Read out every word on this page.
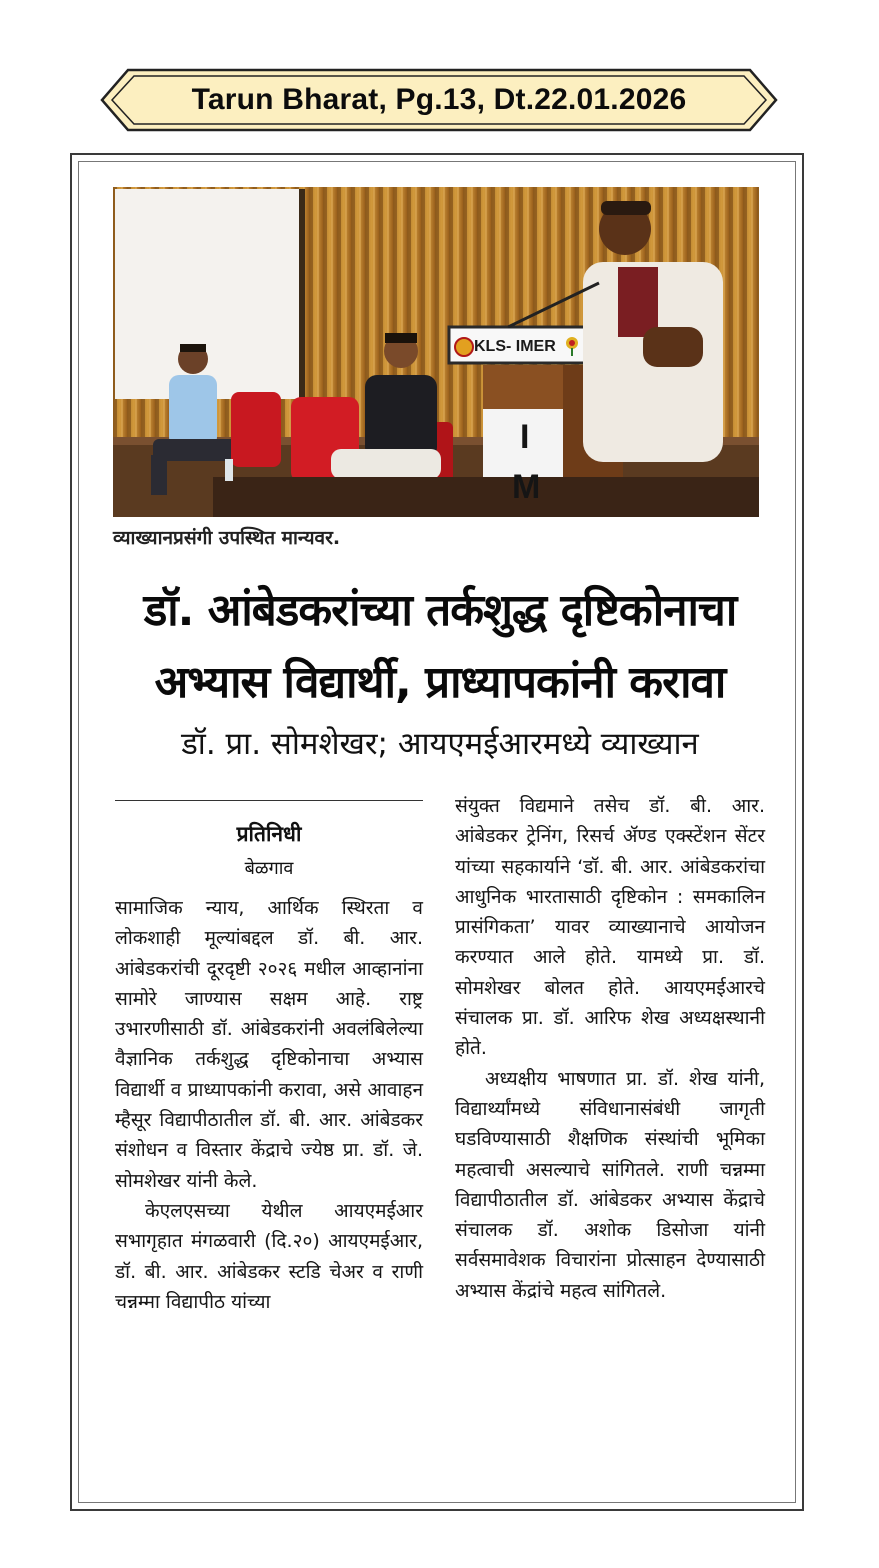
Tarun Bharat, Pg.13, Dt.22.01.2026
KLS- IMER
I
M
व्याख्यानप्रसंगी उपस्थित मान्यवर.
डॉ. आंबेडकरांच्या तर्कशुद्ध दृष्टिकोनाचा
अभ्यास विद्यार्थी, प्राध्यापकांनी करावा
डॉ. प्रा. सोमशेखर; आयएमईआरमध्ये व्याख्यान
प्रतिनिधी
बेळगाव

सामाजिक न्याय, आर्थिक स्थिरता व लोकशाही मूल्यांबद्दल डॉ. बी. आर. आंबेडकरांची दूरदृष्टी २०२६ मधील आव्हानांना सामोरे जाण्यास सक्षम आहे. राष्ट्र उभारणीसाठी डॉ. आंबेडकरांनी अवलंबिलेल्या वैज्ञानिक तर्कशुद्ध दृष्टिकोनाचा अभ्यास विद्यार्थी व प्राध्यापकांनी करावा, असे आवाहन म्हैसूर विद्यापीठातील डॉ. बी. आर. आंबेडकर संशोधन व विस्तार केंद्राचे ज्येष्ठ प्रा. डॉ. जे. सोमशेखर यांनी केले.

केएलएसच्या येथील आयएमईआर सभागृहात मंगळवारी (दि.२०) आयएमईआर, डॉ. बी. आर. आंबेडकर स्टडि चेअर व राणी चन्नम्मा विद्यापीठ यांच्या

संयुक्त विद्यमाने तसेच डॉ. बी. आर. आंबेडकर ट्रेनिंग, रिसर्च ॲण्ड एक्स्टेंशन सेंटर यांच्या सहकार्याने ‘डॉ. बी. आर. आंबेडकरांचा आधुनिक भारतासाठी दृष्टिकोन : समकालिन प्रासंगिकता’ यावर व्याख्यानाचे आयोजन करण्यात आले होते. यामध्ये प्रा. डॉ. सोमशेखर बोलत होते. आयएमईआरचे संचालक प्रा. डॉ. आरिफ शेख अध्यक्षस्थानी होते.

अध्यक्षीय भाषणात प्रा. डॉ. शेख यांनी, विद्यार्थ्यांमध्ये संविधानासंबंधी जागृती घडविण्यासाठी शैक्षणिक संस्थांची भूमिका महत्वाची असल्याचे सांगितले. राणी चन्नम्मा विद्यापीठातील डॉ. आंबेडकर अभ्यास केंद्राचे संचालक डॉ. अशोक डिसोजा यांनी सर्वसमावेशक विचारांना प्रोत्साहन देण्यासाठी अभ्यास केंद्रांचे महत्व सांगितले.
